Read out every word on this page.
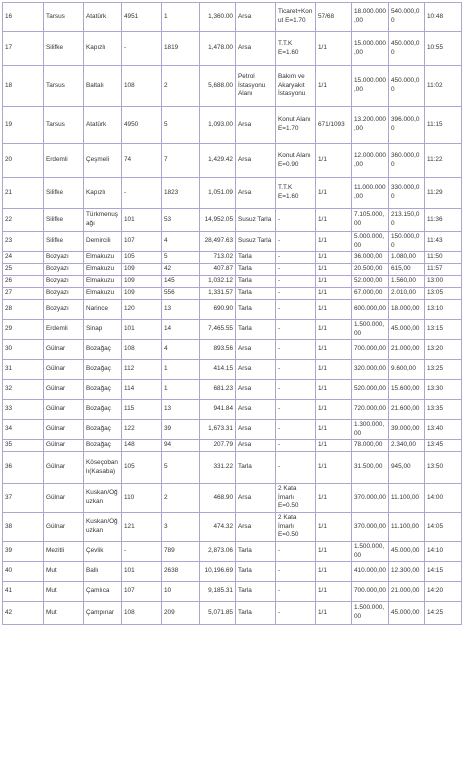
16	Tarsus	Atatürk	4951	1	1,360.00	Arsa	Ticaret+Konut E=1.70	57/68	18.000.000,00	540.000,00	10:48
17	Silifke	Kapızlı	-	1819	1,478.00	Arsa	T.T.K E=1.60	1/1	15.000.000,00	450.000,00	10:55
18	Tarsus	Baltalı	108	2	5,688.00	Petrol İstasyonu Alanı	Bakım ve Akaryakıt İstasyonu	1/1	15.000.000,00	450.000,00	11:02
19	Tarsus	Atatürk	4950	5	1,093.00	Arsa	Konut Alanı E=1.70	671/1093	13.200.000,00	396.000,00	11:15
20	Erdemli	Çeşmeli	74	7	1,429.42	Arsa	Konut Alanı E=0.90	1/1	12.000.000,00	360.000,00	11:22
21	Silifke	Kapızlı	-	1823	1,051.09	Arsa	T.T.K E=1.60	1/1	11.000.000,00	330.000,00	11:29
22	Silifke	Türkmenuşağı	101	53	14,952.05	Susuz Tarla	-	1/1	7.105.000,00	213.150,00	11:36
23	Silifke	Demircili	107	4	28,497.63	Susuz Tarla	-	1/1	5.000.000,00	150.000,00	11:43
24	Bozyazı	Elmakuzu	105	5	713.02	Tarla	-	1/1	36.000,00	1.080,00	11:50
25	Bozyazı	Elmakuzu	109	42	407.87	Tarla	-	1/1	20.500,00	615,00	11:57
26	Bozyazı	Elmakuzu	109	145	1,032.12	Tarla	-	1/1	52.000,00	1.560,00	13:00
27	Bozyazı	Elmakuzu	109	556	1,331.57	Tarla	-	1/1	67.000,00	2.010,00	13:05
28	Bozyazı	Narince	120	13	690.90	Tarla	-	1/1	600.000,00	18.000,00	13:10
29	Erdemli	Sinap	101	14	7,465.55	Tarla	-	1/1	1.500.000,00	45.000,00	13:15
30	Gülnar	Bozağaç	108	4	893.56	Arsa	-	1/1	700.000,00	21.000,00	13:20
31	Gülnar	Bozağaç	112	1	414.15	Arsa	-	1/1	320.000,00	9.600,00	13:25
32	Gülnar	Bozağaç	114	1	681.23	Arsa	-	1/1	520.000,00	15.600,00	13:30
33	Gülnar	Bozağaç	115	13	941.84	Arsa	-	1/1	720.000,00	21.600,00	13:35
34	Gülnar	Bozağaç	122	39	1,673.31	Arsa	-	1/1	1.300.000,00	39.000,00	13:40
35	Gülnar	Bozağaç	148	94	207.79	Arsa	-	1/1	78.000,00	2.340,00	13:45
36	Gülnar	Köseçobanlı(Kasaba)	105	5	331.22	Tarla	-	1/1	31.500,00	945,00	13:50
37	Gülnar	Kuskan/Oğuzkan	110	2	468.90	Arsa	2 Kata İmarlı E=0.50	1/1	370.000,00	11.100,00	14:00
38	Gülnar	Kuskan/Oğuzkan	121	3	474.32	Arsa	2 Kata İmarlı E=0.50	1/1	370.000,00	11.100,00	14:05
39	Mezitli	Çevlik	-	789	2,873.06	Tarla	-	1/1	1.500.000,00	45.000,00	14:10
40	Mut	Ballı	101	2638	10,196.69	Tarla	-	1/1	410.000,00	12.300,00	14:15
41	Mut	Çamlıca	107	10	9,185.31	Tarla	-	1/1	700.000,00	21.000,00	14:20
42	Mut	Çampınar	108	209	5,071.85	Tarla	-	1/1	1.500.000,00	45.000,00	14:25
